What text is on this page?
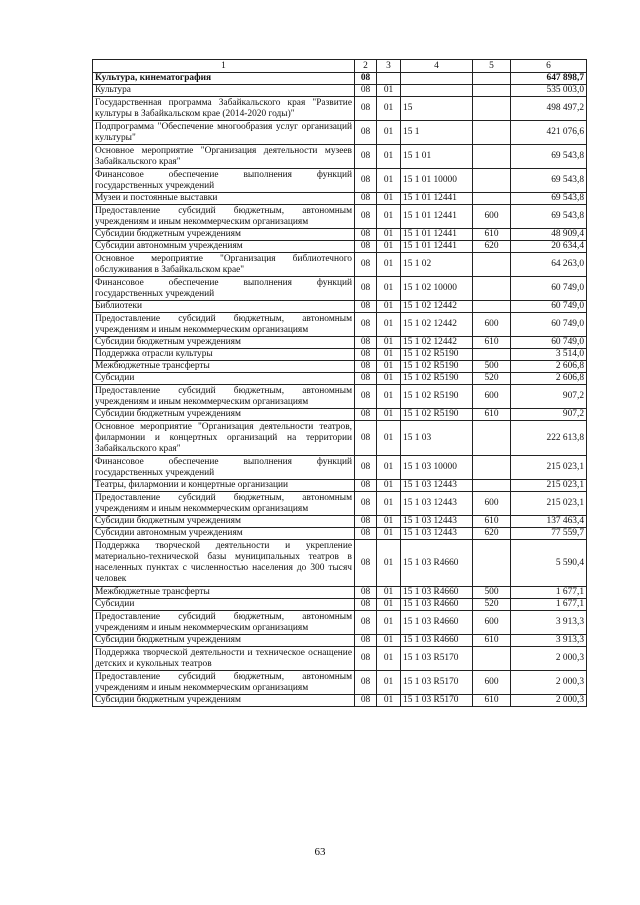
1	2	3	4	5	6
Культура, кинематография	08				647 898,7
Культура	08	01			535 003,0
Государственная программа Забайкальского края "Развитие культуры в Забайкальском крае (2014-2020 годы)"	08	01	15		498 497,2
Подпрограмма "Обеспечение многообразия услуг организаций культуры"	08	01	15 1		421 076,6
Основное мероприятие "Организация деятельности музеев Забайкальского края"	08	01	15 1 01		69 543,8
Финансовое обеспечение выполнения функций государственных учреждений	08	01	15 1 01 10000		69 543,8
Музеи и постоянные выставки	08	01	15 1 01 12441		69 543,8
Предоставление субсидий бюджетным, автономным учреждениям и иным некоммерческим организациям	08	01	15 1 01 12441	600	69 543,8
Субсидии бюджетным учреждениям	08	01	15 1 01 12441	610	48 909,4
Субсидии автономным учреждениям	08	01	15 1 01 12441	620	20 634,4
Основное мероприятие "Организация библиотечного обслуживания в Забайкальском крае"	08	01	15 1 02		64 263,0
Финансовое обеспечение выполнения функций государственных учреждений	08	01	15 1 02 10000		60 749,0
Библиотеки	08	01	15 1 02 12442		60 749,0
Предоставление субсидий бюджетным, автономным учреждениям и иным некоммерческим организациям	08	01	15 1 02 12442	600	60 749,0
Субсидии бюджетным учреждениям	08	01	15 1 02 12442	610	60 749,0
Поддержка отрасли культуры	08	01	15 1 02 R5190		3 514,0
Межбюджетные трансферты	08	01	15 1 02 R5190	500	2 606,8
Субсидии	08	01	15 1 02 R5190	520	2 606,8
Предоставление субсидий бюджетным, автономным учреждениям и иным некоммерческим организациям	08	01	15 1 02 R5190	600	907,2
Субсидии бюджетным учреждениям	08	01	15 1 02 R5190	610	907,2
Основное мероприятие "Организация деятельности театров, филармонии и концертных организаций на территории Забайкальского края"	08	01	15 1 03		222 613,8
Финансовое обеспечение выполнения функций государственных учреждений	08	01	15 1 03 10000		215 023,1
Театры, филармонии и концертные организации	08	01	15 1 03 12443		215 023,1
Предоставление субсидий бюджетным, автономным учреждениям и иным некоммерческим организациям	08	01	15 1 03 12443	600	215 023,1
Субсидии бюджетным учреждениям	08	01	15 1 03 12443	610	137 463,4
Субсидии автономным учреждениям	08	01	15 1 03 12443	620	77 559,7
Поддержка творческой деятельности и укрепление материально-технической базы муниципальных театров в населенных пунктах с численностью населения до 300 тысяч человек	08	01	15 1 03 R4660		5 590,4
Межбюджетные трансферты	08	01	15 1 03 R4660	500	1 677,1
Субсидии	08	01	15 1 03 R4660	520	1 677,1
Предоставление субсидий бюджетным, автономным учреждениям и иным некоммерческим организациям	08	01	15 1 03 R4660	600	3 913,3
Субсидии бюджетным учреждениям	08	01	15 1 03 R4660	610	3 913,3
Поддержка творческой деятельности и техническое оснащение детских и кукольных театров	08	01	15 1 03 R5170		2 000,3
Предоставление субсидий бюджетным, автономным учреждениям и иным некоммерческим организациям	08	01	15 1 03 R5170	600	2 000,3
Субсидии бюджетным учреждениям	08	01	15 1 03 R5170	610	2 000,3
63
